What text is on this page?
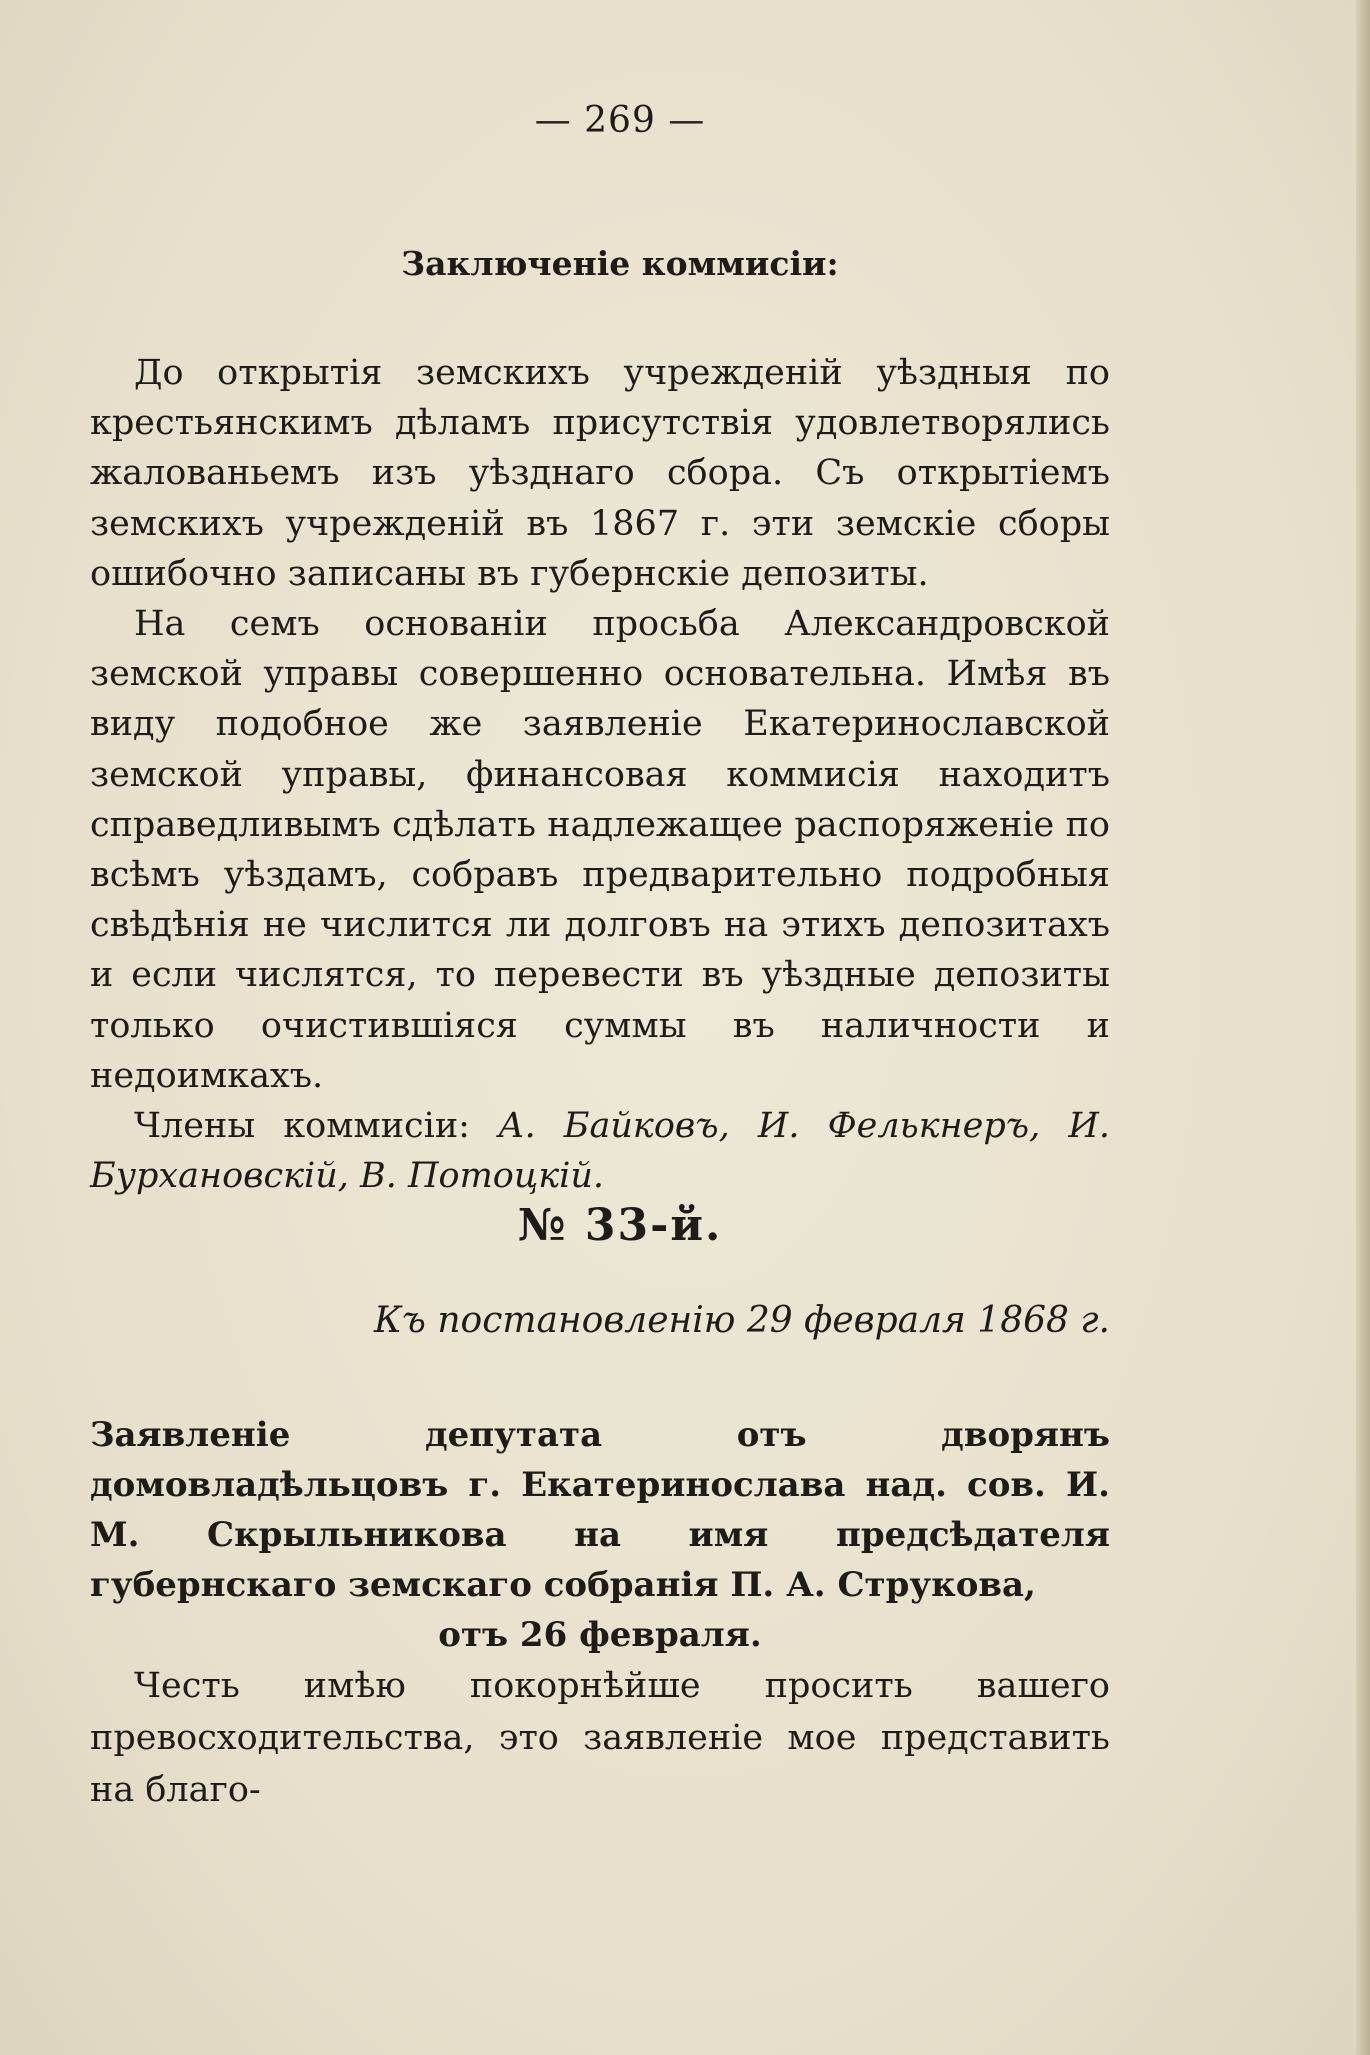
— 269 —
Заключеніе коммисіи:

До открытія земскихъ учрежденій уѣздныя по крестьянскимъ дѣламъ присутствія удовлетворялись жалованьемъ изъ уѣзднаго сбора. Съ открытіемъ земскихъ учрежденій въ 1867 г. эти земскіе сборы ошибочно записаны въ губернскіе депозиты.

На семъ основаніи просьба Александровской земской управы совершенно основательна. Имѣя въ виду подобное же заявленіе Екатеринославской земской управы, финансовая коммисія находитъ справедливымъ сдѣлать надлежащее распоряженіе по всѣмъ уѣздамъ, собравъ предварительно подробныя свѣдѣнія не числится ли долговъ на этихъ депозитахъ и если числятся, то перевести въ уѣздные депозиты только очистившіяся суммы въ наличности и недоимкахъ.

Члены коммисіи: А. Байковъ, И. Фелькнеръ, И. Бурхановскій, В. Потоцкій.

№ 33-й.
Къ постановленію 29 февраля 1868 г.
Заявленіе депутата отъ дворянъ домовладѣльцовъ г. Екатеринослава над. сов. И. М. Скрыльникова на имя предсѣдателя губернскаго земскаго собранія П. А. Струкова,
отъ 26 февраля.

Честь имѣю покорнѣйше просить вашего превосходительства, это заявленіе мое представить на благо-
